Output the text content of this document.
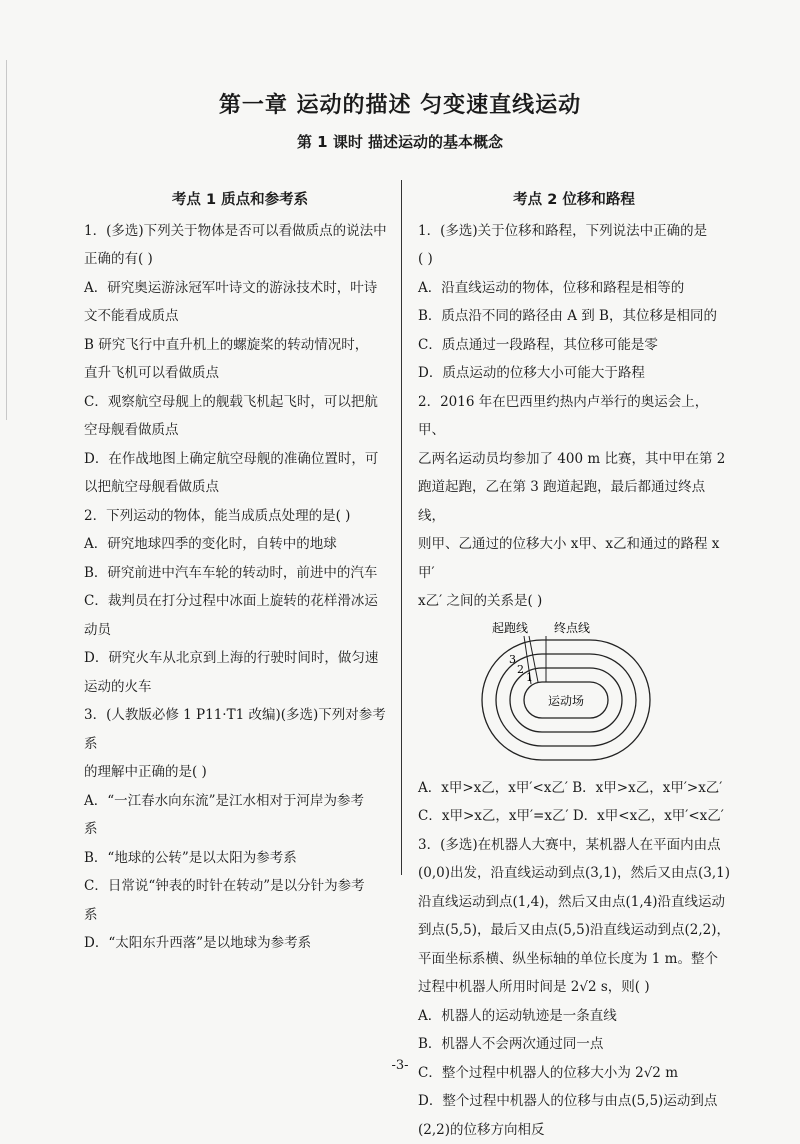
第一章 运动的描述 匀变速直线运动
第 1 课时 描述运动的基本概念
考点 1 质点和参考系

1．(多选)下列关于物体是否可以看做质点的说法中

正确的有( )

A．研究奥运游泳冠军叶诗文的游泳技术时，叶诗

文不能看成质点

B 研究飞行中直升机上的螺旋桨的转动情况时，

直升飞机可以看做质点

C．观察航空母舰上的舰载飞机起飞时，可以把航

空母舰看做质点

D．在作战地图上确定航空母舰的准确位置时，可

以把航空母舰看做质点

2．下列运动的物体，能当成质点处理的是( )

A．研究地球四季的变化时，自转中的地球

B．研究前进中汽车车轮的转动时，前进中的汽车

C．裁判员在打分过程中冰面上旋转的花样滑冰运

动员

D．研究火车从北京到上海的行驶时间时，做匀速

运动的火车

3．(人教版必修 1 P11·T1 改编)(多选)下列对参考系

的理解中正确的是( )

A．“一江春水向东流”是江水相对于河岸为参考

系

B．“地球的公转”是以太阳为参考系

C．日常说“钟表的时针在转动”是以分针为参考

系

D．“太阳东升西落”是以地球为参考系

考点 2 位移和路程

1．(多选)关于位移和路程，下列说法中正确的是

( )

A．沿直线运动的物体，位移和路程是相等的

B．质点沿不同的路径由 A 到 B，其位移是相同的

C．质点通过一段路程，其位移可能是零

D．质点运动的位移大小可能大于路程

2．2016 年在巴西里约热内卢举行的奥运会上，甲、

乙两名运动员均参加了 400 m 比赛，其中甲在第 2

跑道起跑，乙在第 3 跑道起跑，最后都通过终点线，

则甲、乙通过的位移大小 x甲、x乙和通过的路程 x甲′

x乙′ 之间的关系是( )

起跑线 终点线
3
2
1
运动场

A．x甲>x乙，x甲′<x乙′ B．x甲>x乙，x甲′>x乙′

C．x甲>x乙，x甲′=x乙′ D．x甲<x乙，x甲′<x乙′

3．(多选)在机器人大赛中，某机器人在平面内由点

(0,0)出发，沿直线运动到点(3,1)，然后又由点(3,1)

沿直线运动到点(1,4)，然后又由点(1,4)沿直线运动

到点(5,5)，最后又由点(5,5)沿直线运动到点(2,2)，

平面坐标系横、纵坐标轴的单位长度为 1 m。整个

过程中机器人所用时间是 2√2 s，则( )

A．机器人的运动轨迹是一条直线

B．机器人不会两次通过同一点

C．整个过程中机器人的位移大小为 2√2 m

D．整个过程中机器人的位移与由点(5,5)运动到点

(2,2)的位移方向相反

-3-
